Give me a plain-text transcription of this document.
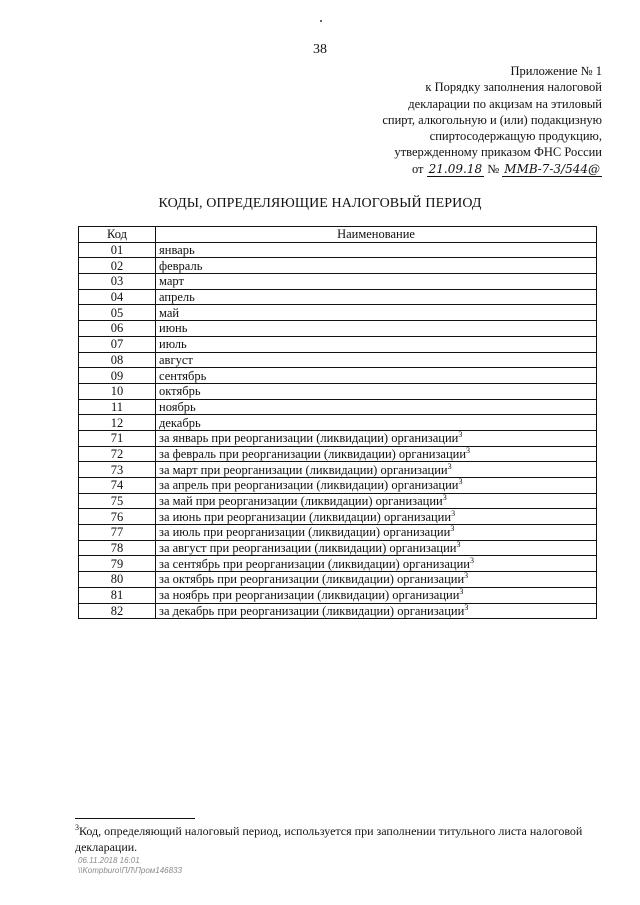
38
Приложение № 1
к Порядку заполнения налоговой
декларации по акцизам на этиловый
спирт, алкогольную и (или) подакцизную
спиртосодержащую продукцию,
утвержденному приказом ФНС России
от 21.09.18 № ММВ-7-3/544@
КОДЫ, ОПРЕДЕЛЯЮЩИЕ НАЛОГОВЫЙ ПЕРИОД
Код	Наименование
01	январь
02	февраль
03	март
04	апрель
05	май
06	июнь
07	июль
08	август
09	сентябрь
10	октябрь
11	ноябрь
12	декабрь
71	за январь при реорганизации (ликвидации) организации$^3$
72	за февраль при реорганизации (ликвидации) организации$^3$
73	за март при реорганизации (ликвидации) организации$^3$
74	за апрель при реорганизации (ликвидации) организации$^3$
75	за май при реорганизации (ликвидации) организации$^3$
76	за июнь при реорганизации (ликвидации) организации$^3$
77	за июль при реорганизации (ликвидации) организации$^3$
78	за август при реорганизации (ликвидации) организации$^3$
79	за сентябрь при реорганизации (ликвидации) организации$^3$
80	за октябрь при реорганизации (ликвидации) организации$^3$
81	за ноябрь при реорганизации (ликвидации) организации$^3$
82	за декабрь при реорганизации (ликвидации) организации$^3$
$^3$Код, определяющий налоговый период, используется при заполнении титульного листа налоговой декларации.
06.11.2018 16:01
\\Kompburo\ПЛ\Пром146833
